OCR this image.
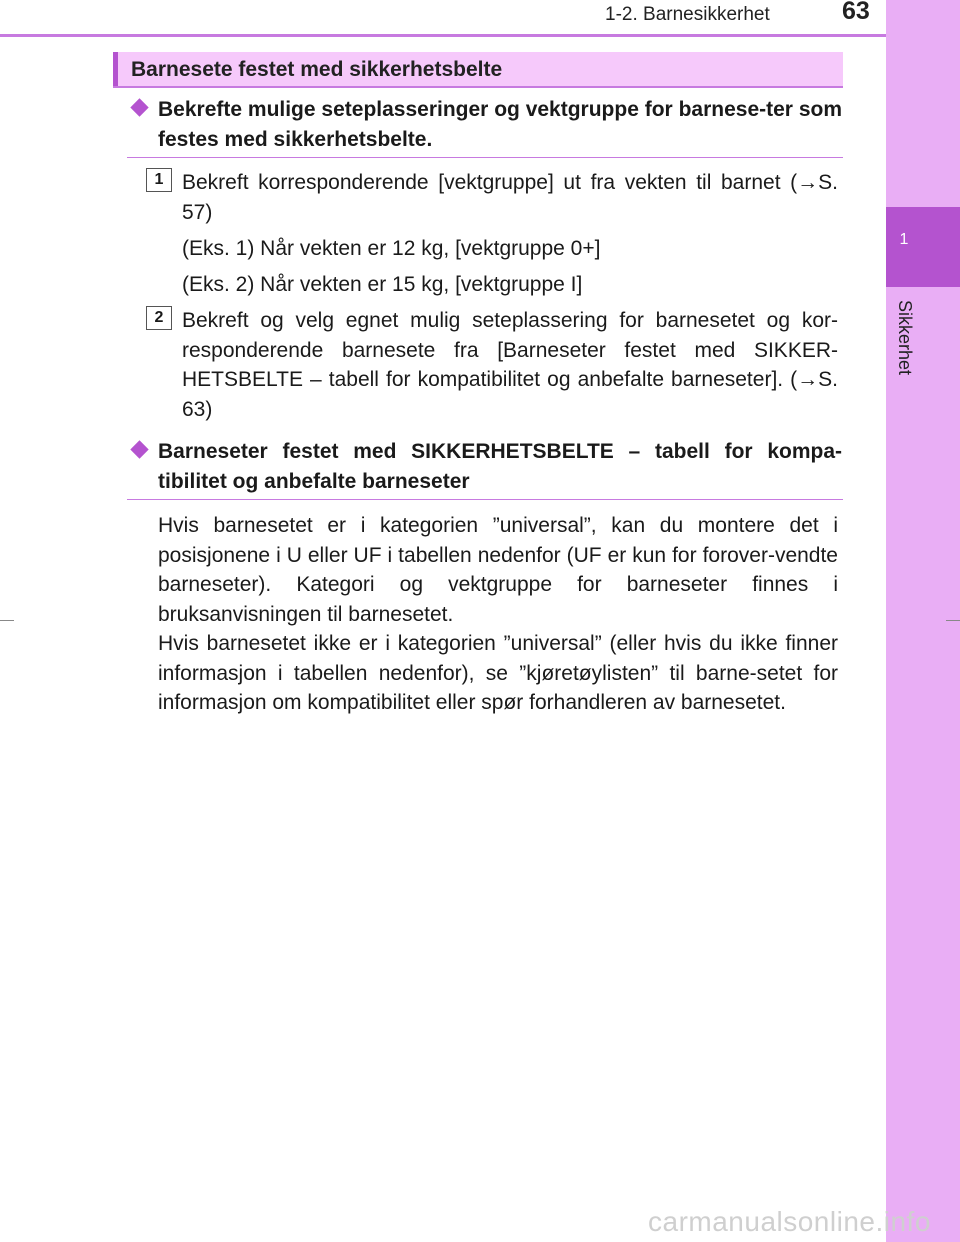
1-2. Barnesikkerhet	63
1
Sikkerhet
Barnesete festet med sikkerhetsbelte
Bekrefte mulige seteplasseringer og vektgruppe for barnese-ter som festes med sikkerhetsbelte.
1 Bekreft korresponderende [vektgruppe] ut fra vekten til barnet (→S. 57)
(Eks. 1) Når vekten er 12 kg, [vektgruppe 0+]
(Eks. 2) Når vekten er 15 kg, [vektgruppe I]
2 Bekreft og velg egnet mulig seteplassering for barnesetet og kor-responderende barnesete fra [Barneseter festet med SIKKER-HETSBELTE – tabell for kompatibilitet og anbefalte barneseter]. (→S. 63)
Barneseter festet med SIKKERHETSBELTE – tabell for kompa-tibilitet og anbefalte barneseter
Hvis barnesetet er i kategorien ”universal”, kan du montere det i posisjonene i U eller UF i tabellen nedenfor (UF er kun for forover-vendte barneseter). Kategori og vektgruppe for barneseter finnes i bruksanvisningen til barnesetet.
Hvis barnesetet ikke er i kategorien ”universal” (eller hvis du ikke finner informasjon i tabellen nedenfor), se ”kjøretøylisten” til barne-setet for informasjon om kompatibilitet eller spør forhandleren av barnesetet.
carmanualsonline.info
